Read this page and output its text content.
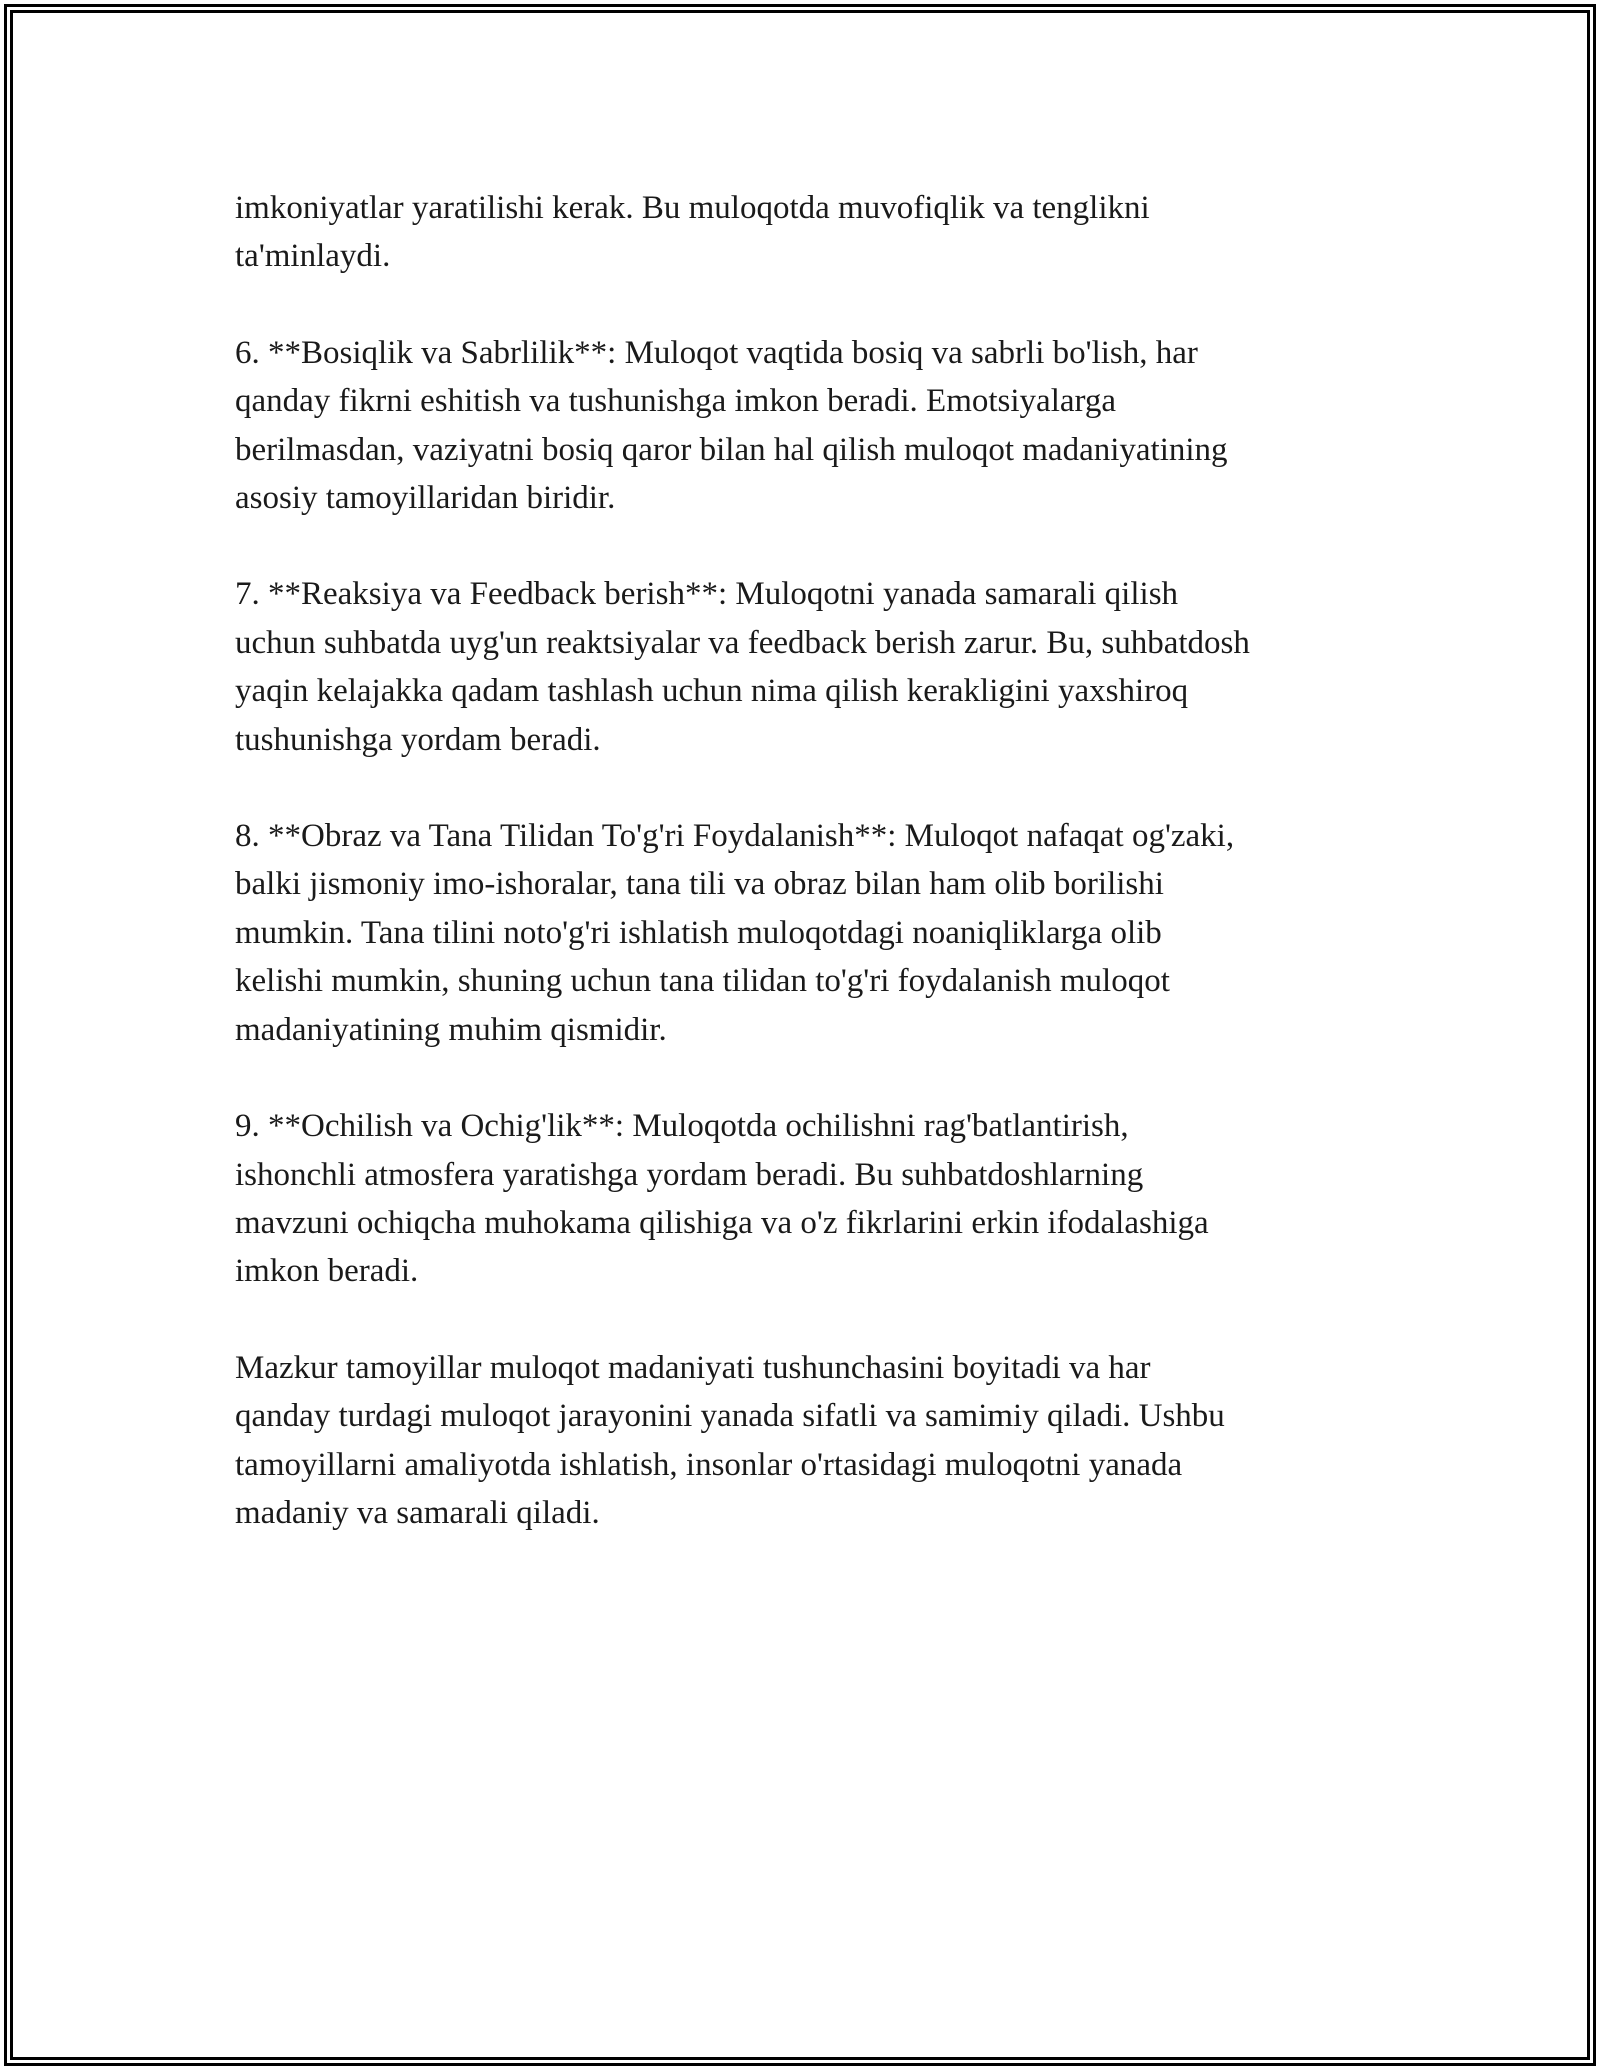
imkoniyatlar yaratilishi kerak. Bu muloqotda muvofiqlik va tenglikni
ta'minlaydi.

6. **Bosiqlik va Sabrlilik**: Muloqot vaqtida bosiq va sabrli bo'lish, har
qanday fikrni eshitish va tushunishga imkon beradi. Emotsiyalarga
berilmasdan, vaziyatni bosiq qaror bilan hal qilish muloqot madaniyatining
asosiy tamoyillaridan biridir.

7. **Reaksiya va Feedback berish**: Muloqotni yanada samarali qilish
uchun suhbatda uyg'un reaktsiyalar va feedback berish zarur. Bu, suhbatdosh
yaqin kelajakka qadam tashlash uchun nima qilish kerakligini yaxshiroq
tushunishga yordam beradi.

8. **Obraz va Tana Tilidan To'g'ri Foydalanish**: Muloqot nafaqat og'zaki,
balki jismoniy imo-ishoralar, tana tili va obraz bilan ham olib borilishi
mumkin. Tana tilini noto'g'ri ishlatish muloqotdagi noaniqliklarga olib
kelishi mumkin, shuning uchun tana tilidan to'g'ri foydalanish muloqot
madaniyatining muhim qismidir.

9. **Ochilish va Ochig'lik**: Muloqotda ochilishni rag'batlantirish,
ishonchli atmosfera yaratishga yordam beradi. Bu suhbatdoshlarning
mavzuni ochiqcha muhokama qilishiga va o'z fikrlarini erkin ifodalashiga
imkon beradi.

Mazkur tamoyillar muloqot madaniyati tushunchasini boyitadi va har
qanday turdagi muloqot jarayonini yanada sifatli va samimiy qiladi. Ushbu
tamoyillarni amaliyotda ishlatish, insonlar o'rtasidagi muloqotni yanada
madaniy va samarali qiladi.
